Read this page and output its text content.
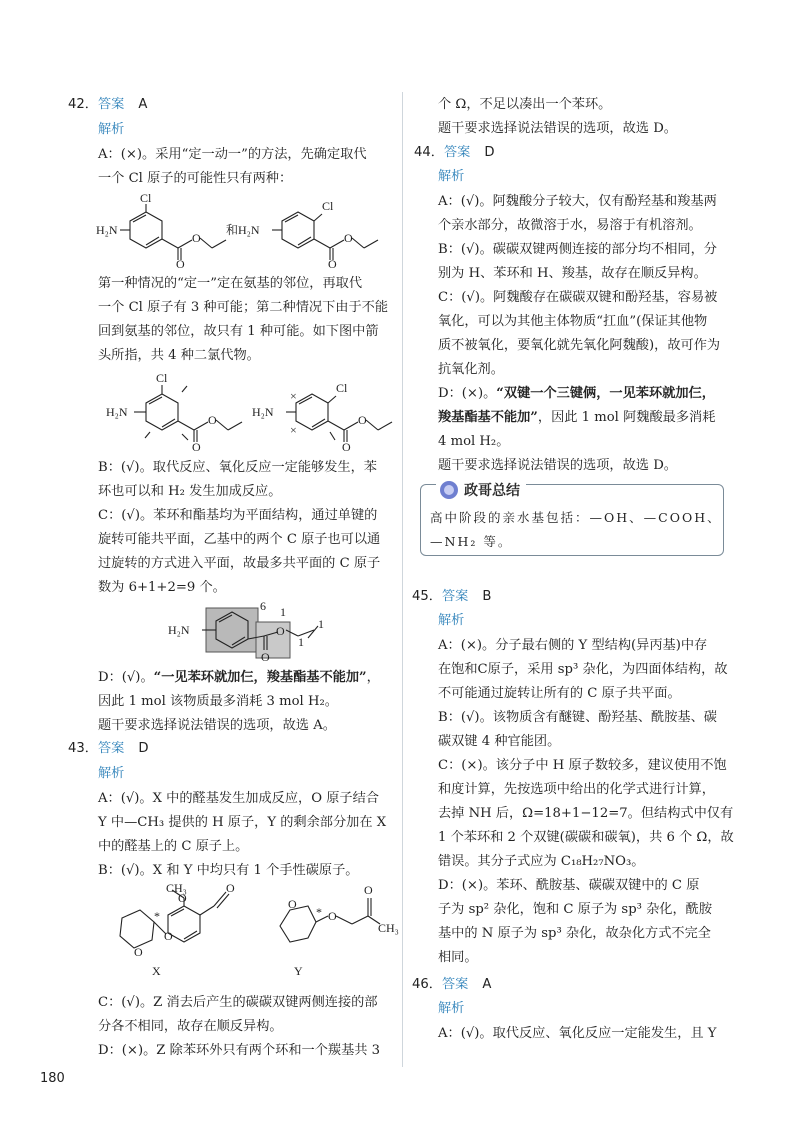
42．答案 A
解析
A：(×)。采用“定一动一”的方法，先确定取代
一个 Cl 原子的可能性只有两种：
Cl
H₂N
O
O
和H₂N
Cl
O
O
第一种情况的“定一”定在氨基的邻位，再取代
一个 Cl 原子有 3 种可能；第二种情况下由于不能
回到氨基的邻位，故只有 1 种可能。如下图中箭
头所指，共 4 种二氯代物。
Cl
H₂N
O
O
H₂N
Cl
O
O
×
×
B：(√)。取代反应、氧化反应一定能够发生，苯
环也可以和 H₂ 发生加成反应。
C：(√)。苯环和酯基均为平面结构，通过单键的
旋转可能共平面，乙基中的两个 C 原子也可以通
过旋转的方式进入平面，故最多共平面的 C 原子
数为 6+1+2=9 个。
H₂N
6 1
1
1
O
O
D：(√)。“一见苯环就加仨，羧基酯基不能加”，
因此 1 mol 该物质最多消耗 3 mol H₂。
题干要求选择说法错误的选项，故选 A。
43．答案 D
解析
A：(√)。X 中的醛基发生加成反应，O 原子结合
Y 中—CH₃ 提供的 H 原子，Y 的剩余部分加在 X
中的醛基上的 C 原子上。
B：(√)。X 和 Y 中均只有 1 个手性碳原子。
CH₃
O
O
O
O
*
X
O
O
O
CH₃
*
Y
C：(√)。Z 消去后产生的碳碳双键两侧连接的部
分各不相同，故存在顺反异构。
D：(×)。Z 除苯环外只有两个环和一个羰基共 3
个 Ω，不足以凑出一个苯环。
题干要求选择说法错误的选项，故选 D。
44．答案 D
解析
A：(√)。阿魏酸分子较大，仅有酚羟基和羧基两
个亲水部分，故微溶于水，易溶于有机溶剂。
B：(√)。碳碳双键两侧连接的部分均不相同，分
别为 H、苯环和 H、羧基，故存在顺反异构。
C：(√)。阿魏酸存在碳碳双键和酚羟基，容易被
氧化，可以为其他主体物质“扛血”(保证其他物
质不被氧化，要氧化就先氧化阿魏酸)，故可作为
抗氧化剂。
D：(×)。“双键一个三键俩，一见苯环就加仨，
羧基酯基不能加”，因此 1 mol 阿魏酸最多消耗
4 mol H₂。
题干要求选择说法错误的选项，故选 D。
政哥总结
高中阶段的亲水基包括：—OH、—COOH、
—NH₂ 等。
45．答案 B
解析
A：(×)。分子最右侧的 Y 型结构(异丙基)中存
在饱和C原子，采用 sp³ 杂化，为四面体结构，故
不可能通过旋转让所有的 C 原子共平面。
B：(√)。该物质含有醚键、酚羟基、酰胺基、碳
碳双键 4 种官能团。
C：(×)。该分子中 H 原子数较多，建议使用不饱
和度计算，先按选项中给出的化学式进行计算，
去掉 NH 后，Ω=18+1−12=7。但结构式中仅有
1 个苯环和 2 个双键(碳碳和碳氧)，共 6 个 Ω，故
错误。其分子式应为 C₁₈H₂₇NO₃。
D：(×)。苯环、酰胺基、碳碳双键中的 C 原
子为 sp² 杂化，饱和 C 原子为 sp³ 杂化，酰胺
基中的 N 原子为 sp³ 杂化，故杂化方式不完全
相同。
46．答案 A
解析
A：(√)。取代反应、氧化反应一定能发生，且 Y
180
